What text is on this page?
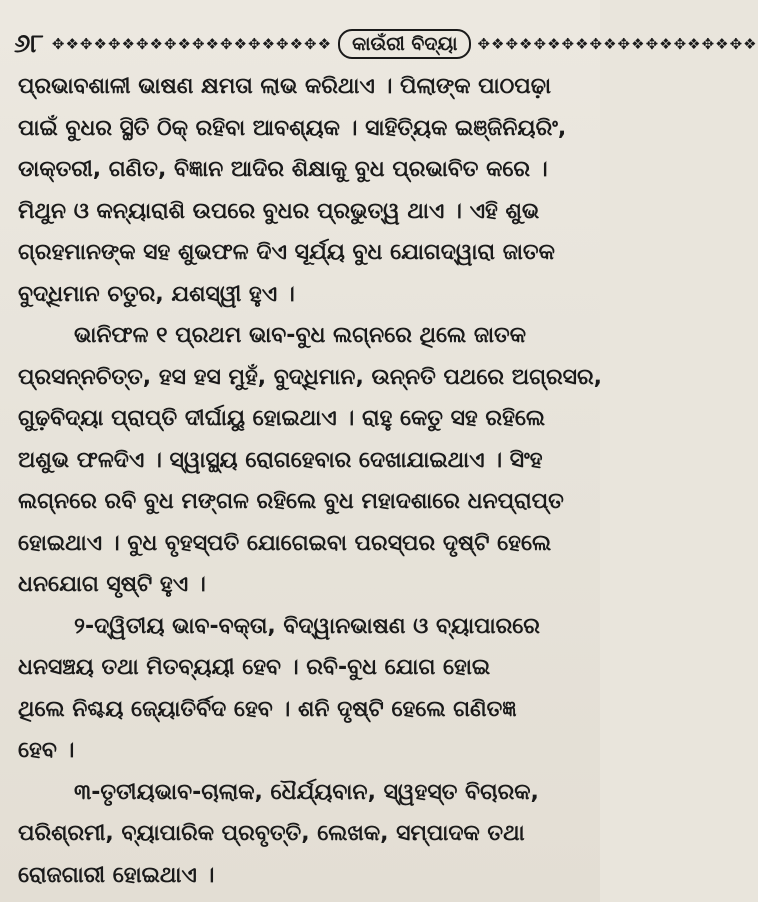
୬୮ ✥❖✥❖✥❖✥❖✥❖✥❖✥❖✥❖✥❖✥❖	କାଉଁରୀ ବିଦ୍ୟା	✥❖✥❖✥❖✥❖✥❖✥❖✥❖✥❖✥❖✥❖
ପ୍ରଭାବଶାଳୀ ଭାଷଣ କ୍ଷମତା ଲାଭ କରିଥାଏ । ପିଲାଙ୍କ ପାଠପଢ଼ା
ପାଇଁ ବୁଧର ସ୍ଥିତି ଠିକ୍ ରହିବା ଆବଶ୍ୟକ । ସାହିତ୍ୟିକ ଇଞ୍ଜିନିୟରିଂ,
ଡାକ୍ତରୀ, ଗଣିତ, ବିଜ୍ଞାନ ଆଦିର ଶିକ୍ଷାକୁ ବୁଧ ପ୍ରଭାବିତ କରେ ।
ମିଥୁନ ଓ କନ୍ୟାରାଶି ଉପରେ ବୁଧର ପ୍ରଭୁତ୍ୱ ଥାଏ । ଏହି ଶୁଭ
ଗ୍ରହମାନଙ୍କ ସହ ଶୁଭଫଳ ଦିଏ ସୂର୍ଯ୍ୟ ବୁଧ ଯୋଗଦ୍ୱାରା ଜାତକ
ବୁଦ୍ଧିମାନ ଚତୁର, ଯଶସ୍ୱୀ ହୁଏ ।
ଭାନିଫଳ ୧ ପ୍ରଥମ ଭାବ-ବୁଧ ଲଗ୍ନରେ ଥିଲେ ଜାତକ
ପ୍ରସନ୍ନଚିତ୍ତ, ହସ ହସ ମୁହଁ, ବୁଦ୍ଧିମାନ, ଉନ୍ନତି ପଥରେ ଅଗ୍ରସର,
ଗୁଢ଼ବିଦ୍ୟା ପ୍ରାପ୍ତି ଦୀର୍ଘାୟୁ ହୋଇଥାଏ । ରାହୁ କେତୁ ସହ ରହିଲେ
ଅଶୁଭ ଫଳଦିଏ । ସ୍ୱାସ୍ଥ୍ୟ ରୋଗହେବାର ଦେଖାଯାଇଥାଏ । ସିଂହ
ଲଗ୍ନରେ ରବି ବୁଧ ମଙ୍ଗଳ ରହିଲେ ବୁଧ ମହାଦଶାରେ ଧନପ୍ରାପ୍ତ
ହୋଇଥାଏ । ବୁଧ ବୃହସ୍ପତି ଯୋଗେଇବା ପରସ୍ପର ଦୃଷ୍ଟି ହେଲେ
ଧନଯୋଗ ସୃଷ୍ଟି ହୁଏ ।
୨-ଦ୍ୱିତୀୟ ଭାବ-ବକ୍ତା, ବିଦ୍ୱାନଭାଷଣ ଓ ବ୍ୟାପାରରେ
ଧନସଞ୍ଚୟ ତଥା ମିତବ୍ୟୟୀ ହେବ । ରବି-ବୁଧ ଯୋଗ ହୋଇ
ଥିଲେ ନିଶ୍ଚୟ ଜ୍ୟୋତିର୍ବିଦ ହେବ । ଶନି ଦୃଷ୍ଟି ହେଲେ ଗଣିତଜ୍ଞ
ହେବ ।
୩-ତୃତୀୟଭାବ-ଚାଲାକ, ଧୈର୍ଯ୍ୟବାନ, ସ୍ୱହସ୍ତ ବିଚାରକ,
ପରିଶ୍ରମୀ, ବ୍ୟାପାରିକ ପ୍ରବୃତ୍ତି, ଲେଖକ, ସମ୍ପାଦକ ତଥା
ରୋଜଗାରୀ ହୋଇଥାଏ ।
